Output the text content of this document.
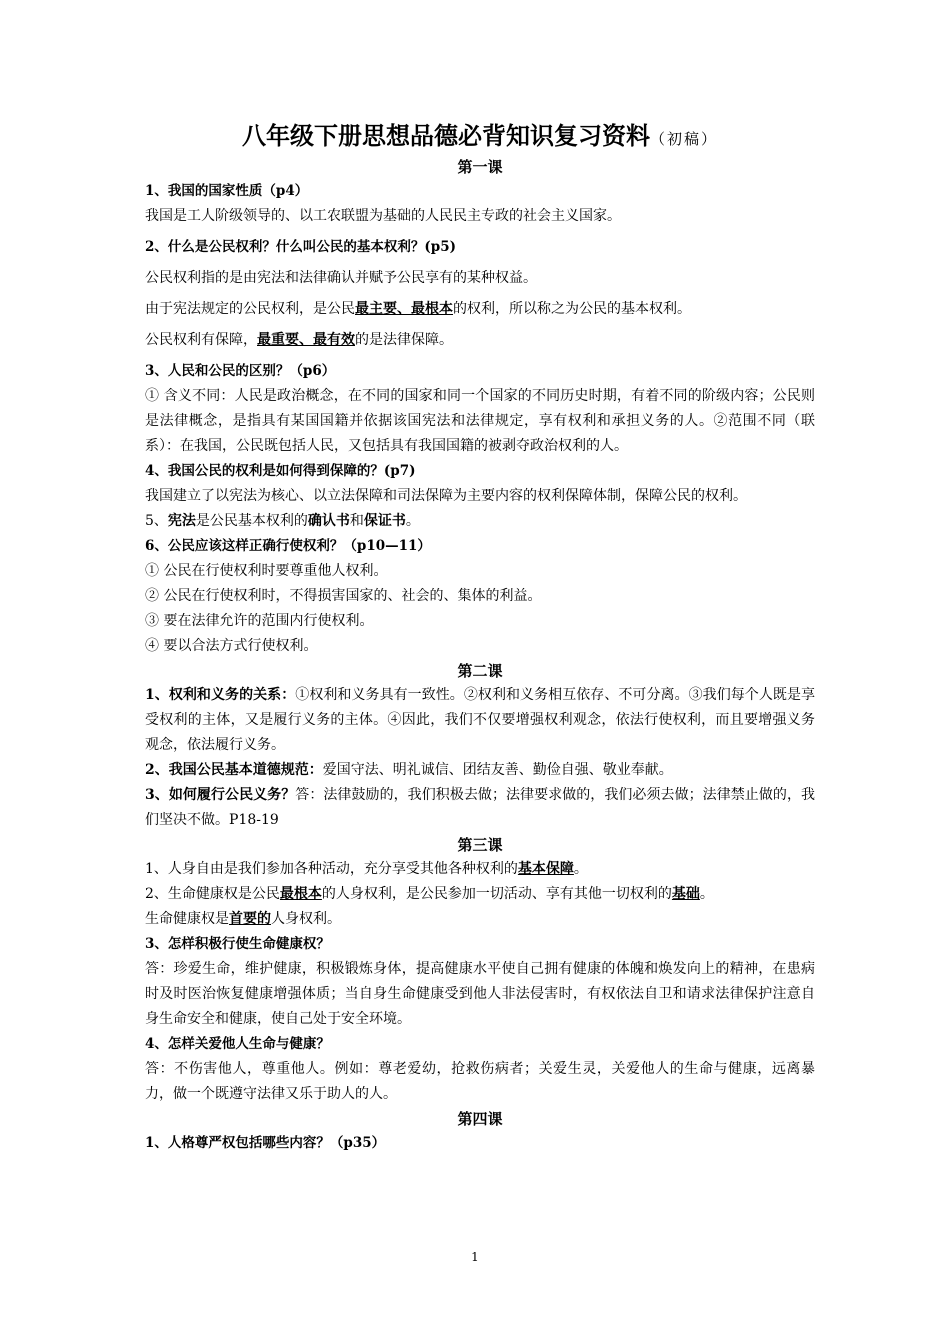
八年级下册思想品德必背知识复习资料（初稿）
第一课
1、我国的国家性质（p4）
我国是工人阶级领导的、以工农联盟为基础的人民民主专政的社会主义国家。
2、什么是公民权利？什么叫公民的基本权利？(p5)
公民权利指的是由宪法和法律确认并赋予公民享有的某种权益。
由于宪法规定的公民权利，是公民最主要、最根本的权利，所以称之为公民的基本权利。
公民权利有保障，最重要、最有效的是法律保障。
3、人民和公民的区别？（p6）
① 含义不同：人民是政治概念，在不同的国家和同一个国家的不同历史时期，有着不同的阶级内容；公民则是法律概念，是指具有某国国籍并依据该国宪法和法律规定，享有权利和承担义务的人。②范围不同（联系）：在我国，公民既包括人民，又包括具有我国国籍的被剥夺政治权利的人。
4、我国公民的权利是如何得到保障的？(p7)
我国建立了以宪法为核心、以立法保障和司法保障为主要内容的权利保障体制，保障公民的权利。
5、宪法是公民基本权利的确认书和保证书。
6、公民应该这样正确行使权利？（p10—11）
① 公民在行使权利时要尊重他人权利。
② 公民在行使权利时，不得损害国家的、社会的、集体的利益。
③ 要在法律允许的范围内行使权利。
④ 要以合法方式行使权利。
第二课
1、权利和义务的关系：①权利和义务具有一致性。②权利和义务相互依存、不可分离。③我们每个人既是享受权利的主体，又是履行义务的主体。④因此，我们不仅要增强权利观念，依法行使权利，而且要增强义务观念，依法履行义务。
2、我国公民基本道德规范：爱国守法、明礼诚信、团结友善、勤俭自强、敬业奉献。
3、如何履行公民义务？答：法律鼓励的，我们积极去做；法律要求做的，我们必须去做；法律禁止做的，我们坚决不做。P18-19
第三课
1、人身自由是我们参加各种活动，充分享受其他各种权利的基本保障。
2、生命健康权是公民最根本的人身权利，是公民参加一切活动、享有其他一切权利的基础。
生命健康权是首要的人身权利。
3、怎样积极行使生命健康权？
答：珍爱生命，维护健康，积极锻炼身体，提高健康水平使自己拥有健康的体魄和焕发向上的精神，在患病时及时医治恢复健康增强体质；当自身生命健康受到他人非法侵害时，有权依法自卫和请求法律保护注意自身生命安全和健康，使自己处于安全环境。
4、怎样关爱他人生命与健康？
答：不伤害他人，尊重他人。例如：尊老爱幼，抢救伤病者；关爱生灵，关爱他人的生命与健康，远离暴力，做一个既遵守法律又乐于助人的人。
第四课
1、人格尊严权包括哪些内容？（p35）
1
